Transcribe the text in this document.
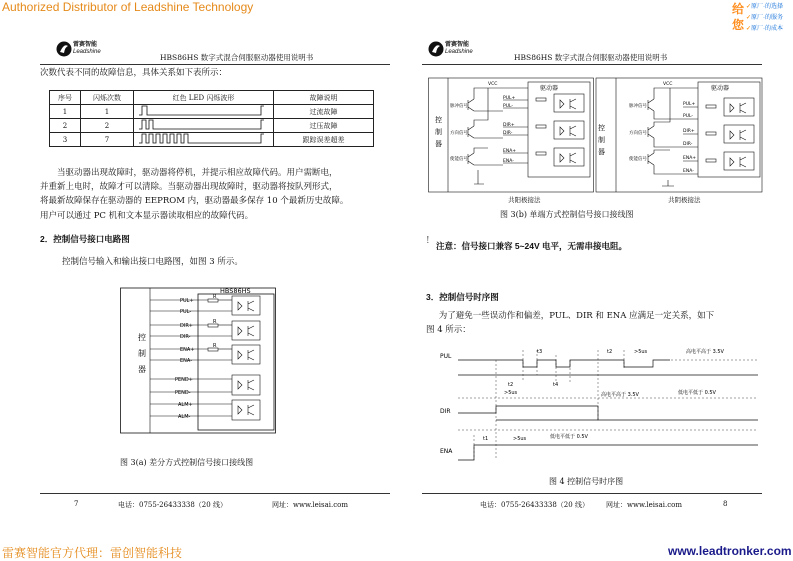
Authorized Distributor of Leadshine Technology	给
您
✓原厂·的选择
✓原厂·的服务
✓原厂·的成本
雷赛智能
Leadshine
HBS86HS 数字式混合伺服驱动器使用说明书
次数代表不同的故障信息，具体关系如下表所示：
序号	闪烁次数	红色 LED 闪烁波形	故障说明
1	1		过流故障
2	2		过压故障
3	7		跟踪误差超差
当驱动器出现故障时，驱动器将停机，并提示相应故障代码。用户需断电，
并重新上电时，故障才可以清除。当驱动器出现故障时，驱动器将按队列形式，
将最新故障保存在驱动器的 EEPROM 内，驱动器最多保存 10 个最新历史故障。
用户可以通过 PC 机和文本显示器读取相应的故障代码。
2．控制信号接口电路图
控制信号输入和输出接口电路图，如图 3 所示。
HBS86HS
控
制
器
PUL+
PUL-
DIR+
DIR-
ENA+
ENA-
PEND+
PEND-
ALM+
ALM-
R
R
R
图 3(a) 差分方式控制信号接口接线图
7	电话：0755-26433338（20 线）	网址：www.leisai.com
雷赛智能
Leadshine
HBS86HS 数字式混合伺服驱动器使用说明书
VCC	VCC
脉冲信号
方向信号
使能信号
脉冲信号
方向信号
使能信号
PUL+
PUL-
DIR+
DIR-
ENA+
ENA-
PUL+
PUL-
DIR+
DIR-
ENA+
ENA-
驱动器	驱动器
控
制
器
控
制
器
共阳极接法	共阴极接法
图 3(b) 单端方式控制信号接口接线图
! 注意：信号接口兼容 5~24V 电平，无需串接电阻。
3．控制信号时序图
为了避免一些误动作和偏差，PUL、DIR 和 ENA 应满足一定关系，如下
图 4 所示：
PUL
DIR
ENA
t3	t2	>5us	高电平高于 3.5V
t2
>5us
t4
高电平高于 3.5V	低电平低于 0.5V
t1	>5us	低电平低于 0.5V
图 4 控制信号时序图
电话：0755-26433338（20 线） 网址：www.leisai.com	8
雷赛智能官方代理：雷创智能科技	www.leadtronker.com
